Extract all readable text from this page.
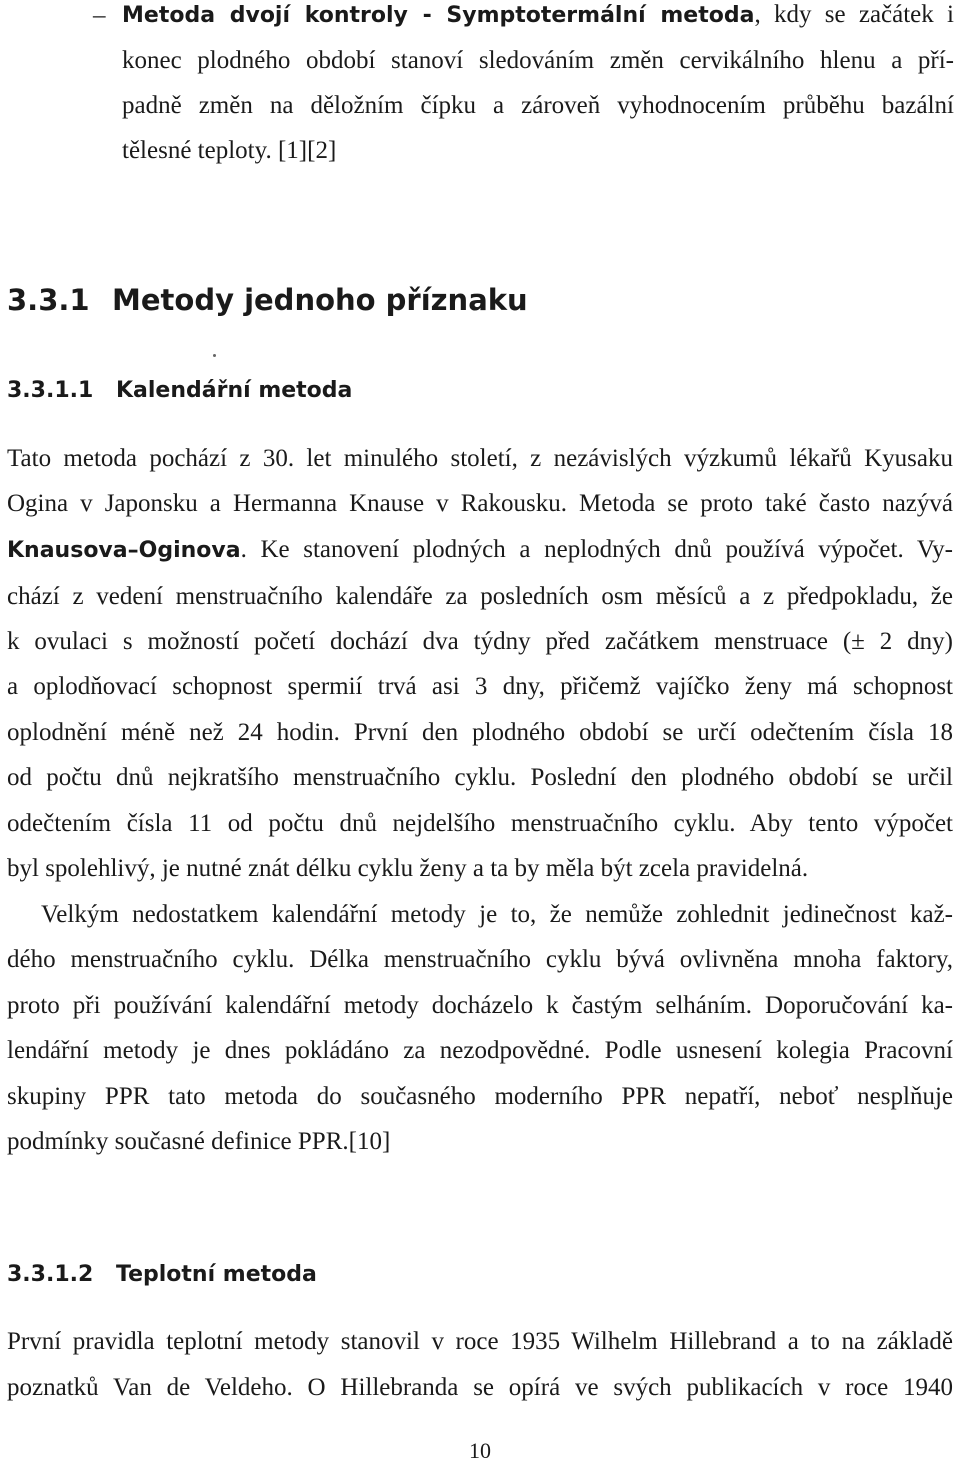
– Metoda dvojí kontroly - Symptotermální metoda, kdy se začátek i
konec plodného období stanoví sledováním změn cervikálního hlenu a pří-
padně změn na děložním čípku a zároveň vyhodnocením průběhu bazální
tělesné teploty. [1][2]
3.3.1 Metody jednoho příznaku
3.3.1.1 Kalendářní metoda
Tato metoda pochází z 30. let minulého století, z nezávislých výzkumů lékařů Kyusaku
Ogina v Japonsku a Hermanna Knause v Rakousku. Metoda se proto také často nazývá
Knausova–Oginova. Ke stanovení plodných a neplodných dnů používá výpočet. Vy-
chází z vedení menstruačního kalendáře za posledních osm měsíců a z předpokladu, že
k ovulaci s možností početí dochází dva týdny před začátkem menstruace (± 2 dny)
a oplodňovací schopnost spermií trvá asi 3 dny, přičemž vajíčko ženy má schopnost
oplodnění méně než 24 hodin. První den plodného období se určí odečtením čísla 18
od počtu dnů nejkratšího menstruačního cyklu. Poslední den plodného období se určil
odečtením čísla 11 od počtu dnů nejdelšího menstruačního cyklu. Aby tento výpočet
byl spolehlivý, je nutné znát délku cyklu ženy a ta by měla být zcela pravidelná.
Velkým nedostatkem kalendářní metody je to, že nemůže zohlednit jedinečnost kaž-
dého menstruačního cyklu. Délka menstruačního cyklu bývá ovlivněna mnoha faktory,
proto při používání kalendářní metody docházelo k častým selháním. Doporučování ka-
lendářní metody je dnes pokládáno za nezodpovědné. Podle usnesení kolegia Pracovní
skupiny PPR tato metoda do současného moderního PPR nepatří, neboť nesplňuje
podmínky současné definice PPR.[10]
3.3.1.2 Teplotní metoda
První pravidla teplotní metody stanovil v roce 1935 Wilhelm Hillebrand a to na základě
poznatků Van de Veldeho. O Hillebranda se opírá ve svých publikacích v roce 1940
10
